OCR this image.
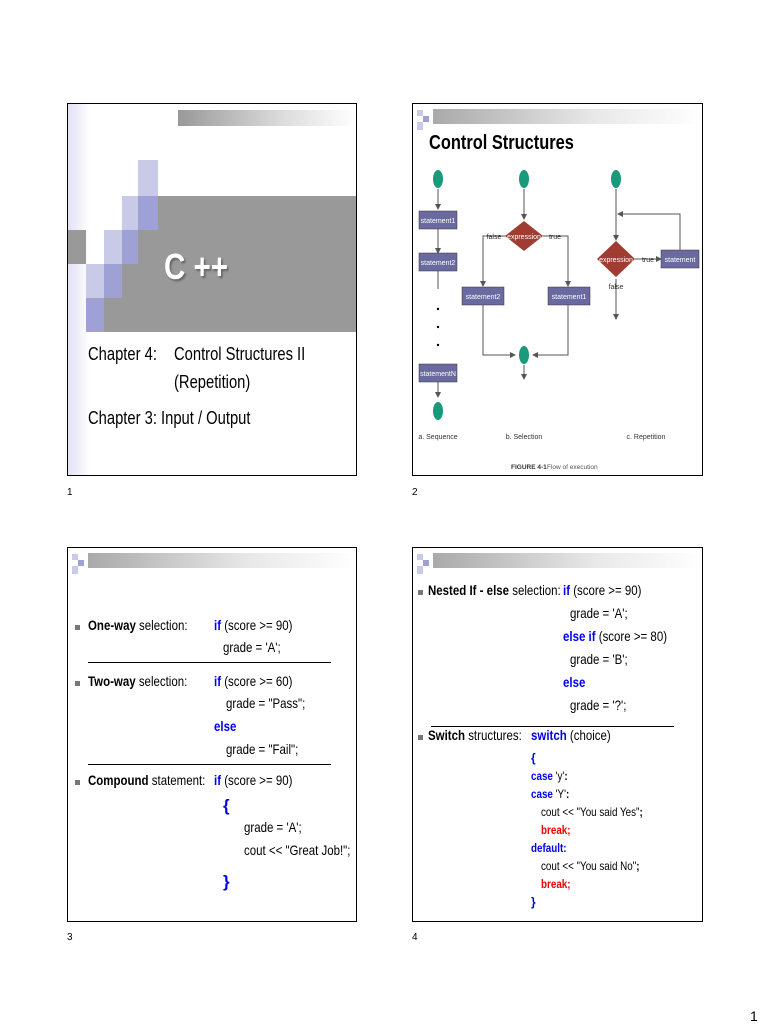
C ++
Chapter 4: Control Structures II
(Repetition)
Chapter 3: Input / Output
1
Control Structures
statement1
statement2
statementN
statement2	statement1
expression
expression	statement
false	true
true
false
a. Sequence	b. Selection	c. Repetition
FIGURE 4-1 Flow of execution
2
One-way selection: if (score >= 90)
grade = 'A';
Two-way selection: if (score >= 60)
grade = "Pass";
else
grade = "Fail";
Compound statement: if (score >= 90)
{
grade = 'A';
cout << "Great Job!";
}
3
Nested If - else selection: if (score >= 90)
grade = 'A';
else if (score >= 80)
grade = 'B';
else
grade = '?';
Switch structures: switch (choice)
{
case 'y':
case 'Y':
cout << "You said Yes";
break;
default:
cout << "You said No";
break;
}
4
1
